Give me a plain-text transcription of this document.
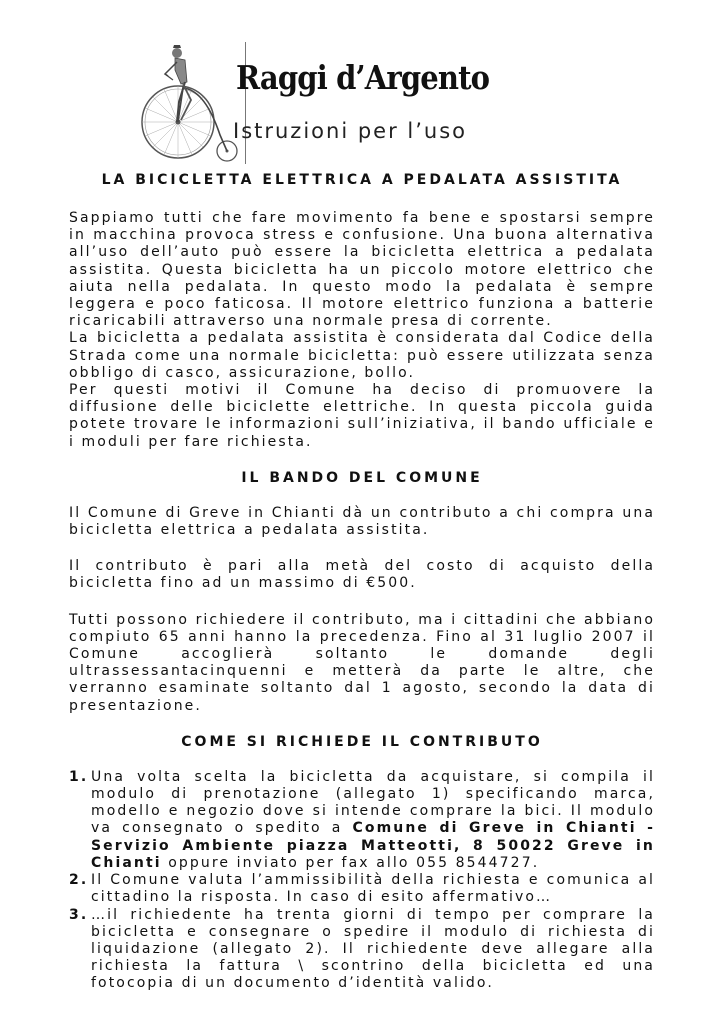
Raggi d’Argento
Istruzioni per l’uso
LA BICICLETTA ELETTRICA A PEDALATA ASSISTITA

Sappiamo tutti che fare movimento fa bene e spostarsi sempre in macchina provoca stress e confusione. Una buona alternativa all’uso dell’auto può essere la bicicletta elettrica a pedalata assistita. Questa bicicletta ha un piccolo motore elettrico che aiuta nella pedalata. In questo modo la pedalata è sempre leggera e poco faticosa. Il motore elettrico funziona a batterie ricaricabili attraverso una normale presa di corrente.

La bicicletta a pedalata assistita è considerata dal Codice della Strada come una normale bicicletta: può essere utilizzata senza obbligo di casco, assicurazione, bollo.

Per questi motivi il Comune ha deciso di promuovere la diffusione delle biciclette elettriche. In questa piccola guida potete trovare le informazioni sull’iniziativa, il bando ufficiale e i moduli per fare richiesta.

IL BANDO DEL COMUNE

Il Comune di Greve in Chianti dà un contributo a chi compra una bicicletta elettrica a pedalata assistita.

Il contributo è pari alla metà del costo di acquisto della bicicletta fino ad un massimo di €500.

Tutti possono richiedere il contributo, ma i cittadini che abbiano compiuto 65 anni hanno la precedenza. Fino al 31 luglio 2007 il Comune accoglierà soltanto le domande degli ultrassessantacinquenni e metterà da parte le altre, che verranno esaminate soltanto dal 1 agosto, secondo la data di presentazione.

COME SI RICHIEDE IL CONTRIBUTO
1. Una volta scelta la bicicletta da acquistare, si compila il modulo di prenotazione (allegato 1) specificando marca, modello e negozio dove si intende comprare la bici. Il modulo va consegnato o spedito a Comune di Greve in Chianti - Servizio Ambiente piazza Matteotti, 8 50022 Greve in Chianti oppure inviato per fax allo 055 8544727.
2. Il Comune valuta l’ammissibilità della richiesta e comunica al cittadino la risposta. In caso di esito affermativo…
3. …il richiedente ha trenta giorni di tempo per comprare la bicicletta e consegnare o spedire il modulo di richiesta di liquidazione (allegato 2). Il richiedente deve allegare alla richiesta la fattura \ scontrino della bicicletta ed una fotocopia di un documento d’identità valido.
